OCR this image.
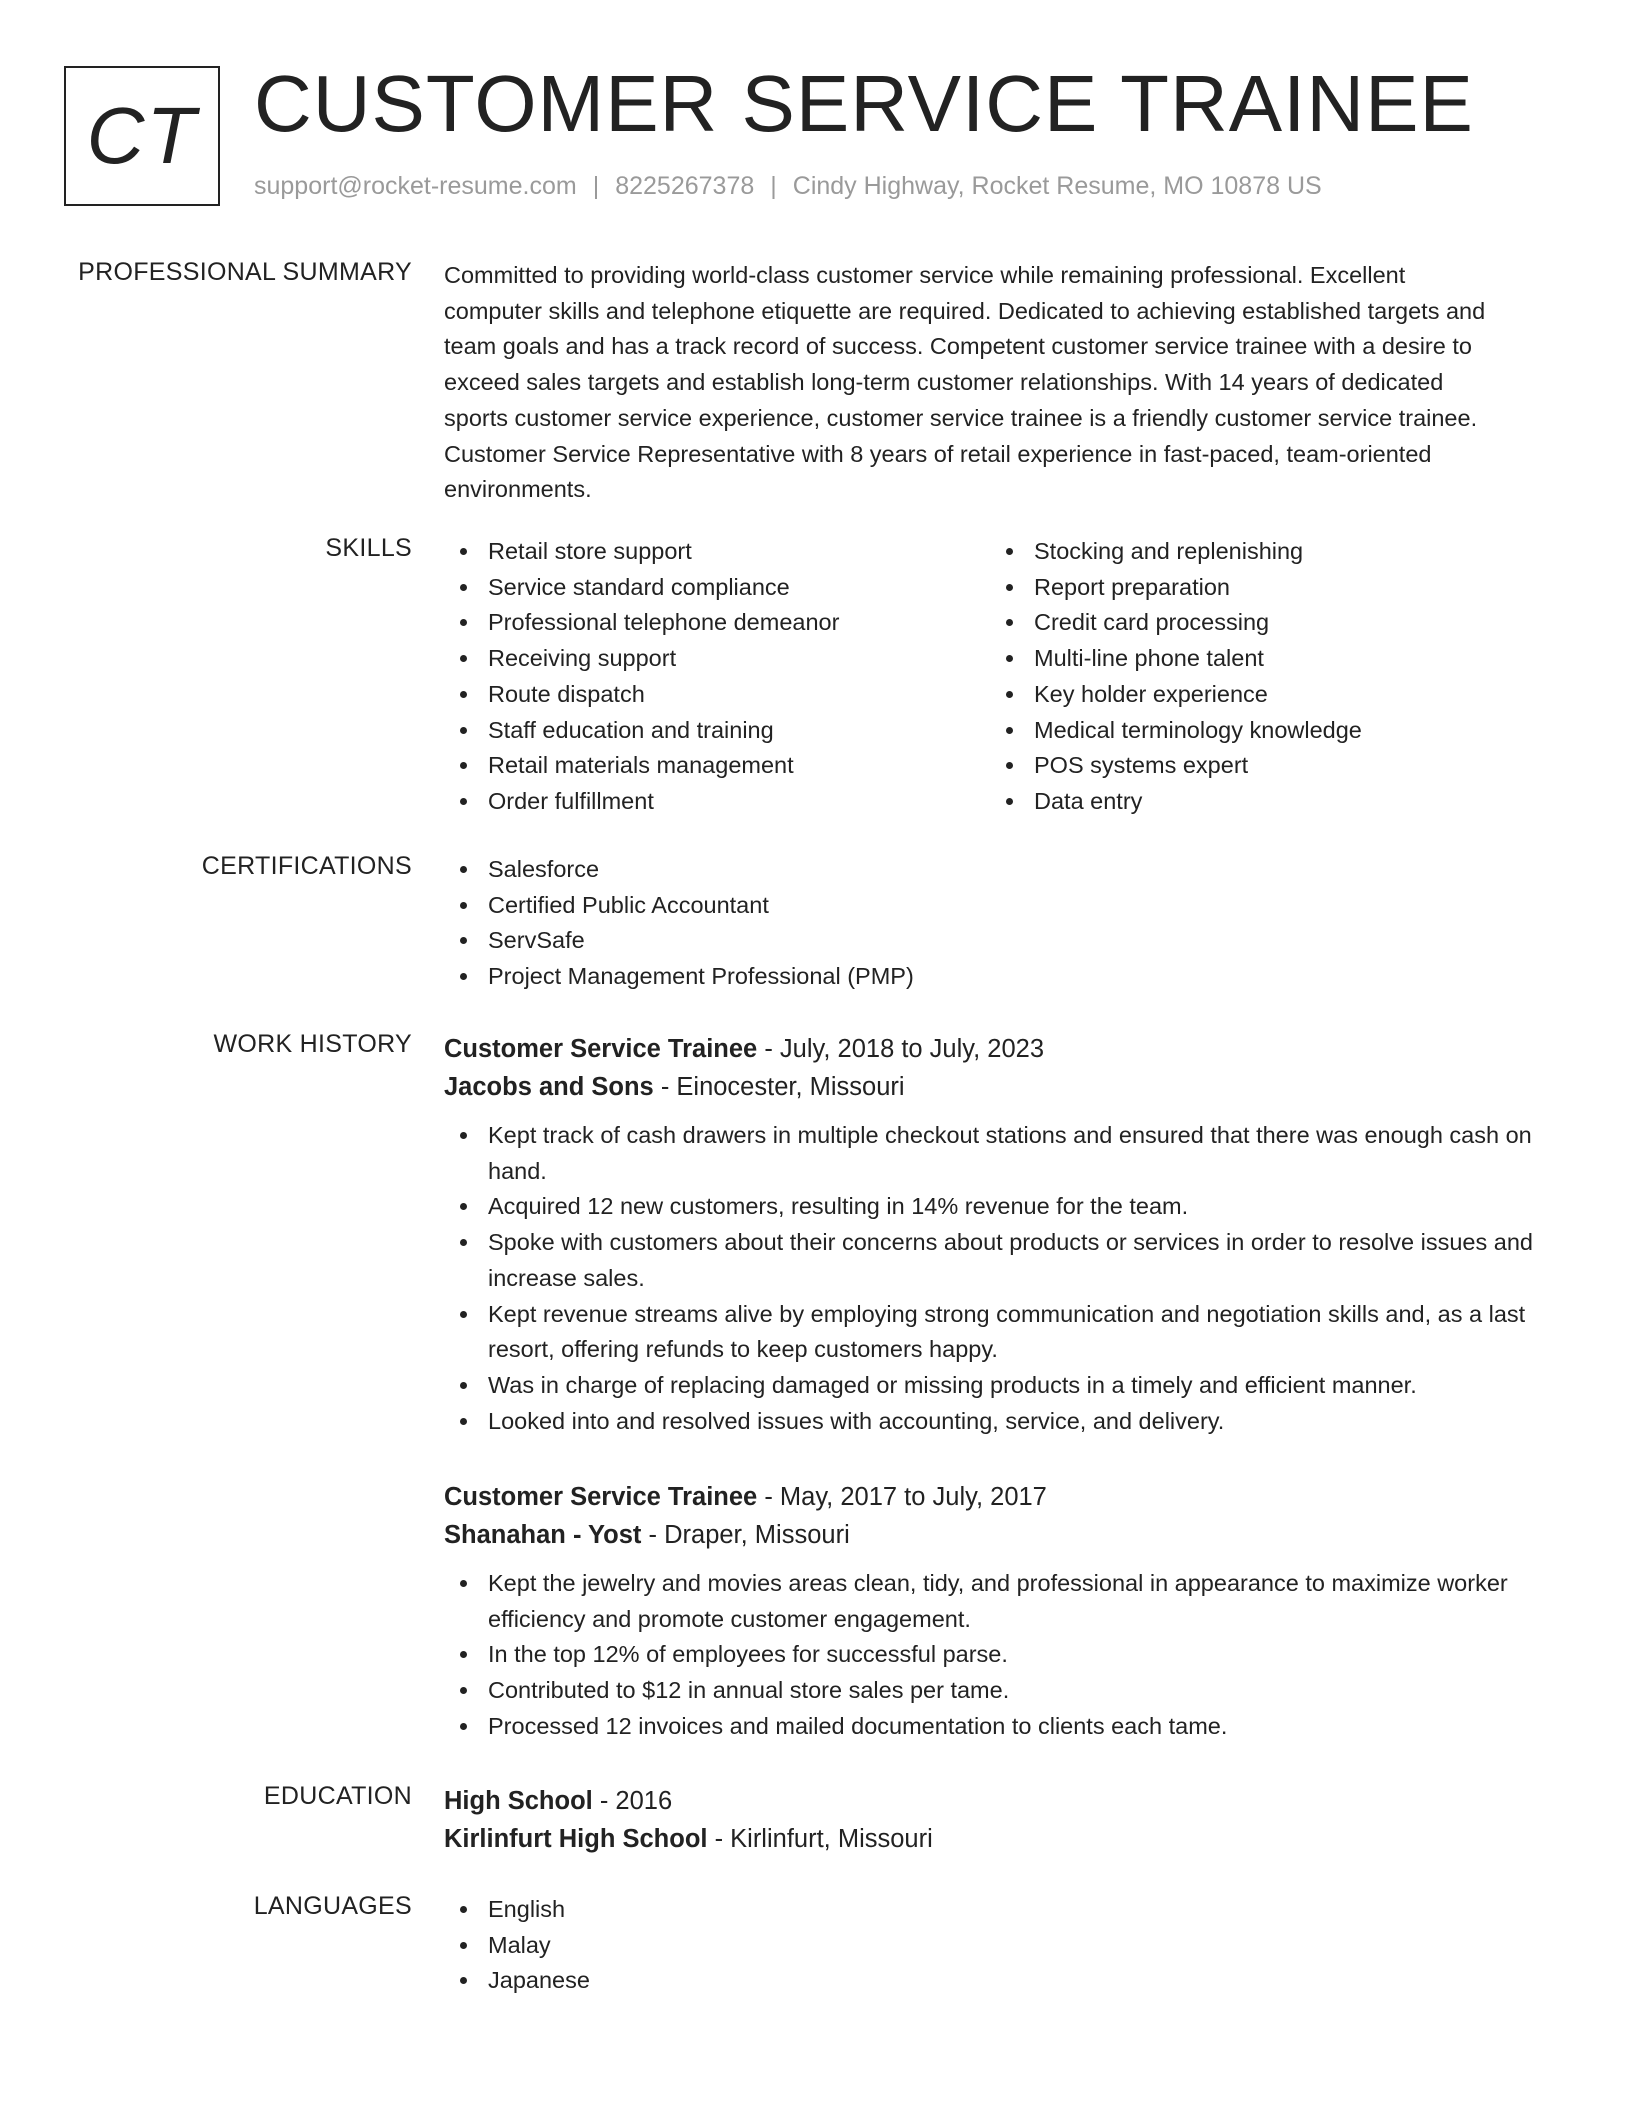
CT CUSTOMER SERVICE TRAINEE
support@rocket-resume.com | 8225267378 | Cindy Highway, Rocket Resume, MO 10878 US
PROFESSIONAL SUMMARY Committed to providing world-class customer service while remaining professional. Excellent

computer skills and telephone etiquette are required. Dedicated to achieving established targets and

team goals and has a track record of success. Competent customer service trainee with a desire to

exceed sales targets and establish long-term customer relationships. With 14 years of dedicated

sports customer service experience, customer service trainee is a friendly customer service trainee.

Customer Service Representative with 8 years of retail experience in fast-paced, team-oriented

environments.

SKILLS	Retail store support
Service standard compliance
Professional telephone demeanor
Receiving support
Route dispatch
Staff education and training
Retail materials management
Order fulfillment
Stocking and replenishing
Report preparation
Credit card processing
Multi-line phone talent
Key holder experience
Medical terminology knowledge
POS systems expert
Data entry
CERTIFICATIONS	Salesforce
Certified Public Accountant
ServSafe
Project Management Professional (PMP)
WORK HISTORY Customer Service Trainee - July, 2018 to July, 2023
Jacobs and Sons - Einocester, Missouri
Kept track of cash drawers in multiple checkout stations and ensured that there was enough cash on hand.
Acquired 12 new customers, resulting in 14% revenue for the team.
Spoke with customers about their concerns about products or services in order to resolve issues and increase sales.
Kept revenue streams alive by employing strong communication and negotiation skills and, as a last resort, offering refunds to keep customers happy.
Was in charge of replacing damaged or missing products in a timely and efficient manner.
Looked into and resolved issues with accounting, service, and delivery.
Customer Service Trainee - May, 2017 to July, 2017
Shanahan - Yost - Draper, Missouri
Kept the jewelry and movies areas clean, tidy, and professional in appearance to maximize worker efficiency and promote customer engagement.
In the top 12% of employees for successful parse.
Contributed to $12 in annual store sales per tame.
Processed 12 invoices and mailed documentation to clients each tame.
EDUCATION High School - 2016
Kirlinfurt High School - Kirlinfurt, Missouri
LANGUAGES	English
Malay
Japanese
